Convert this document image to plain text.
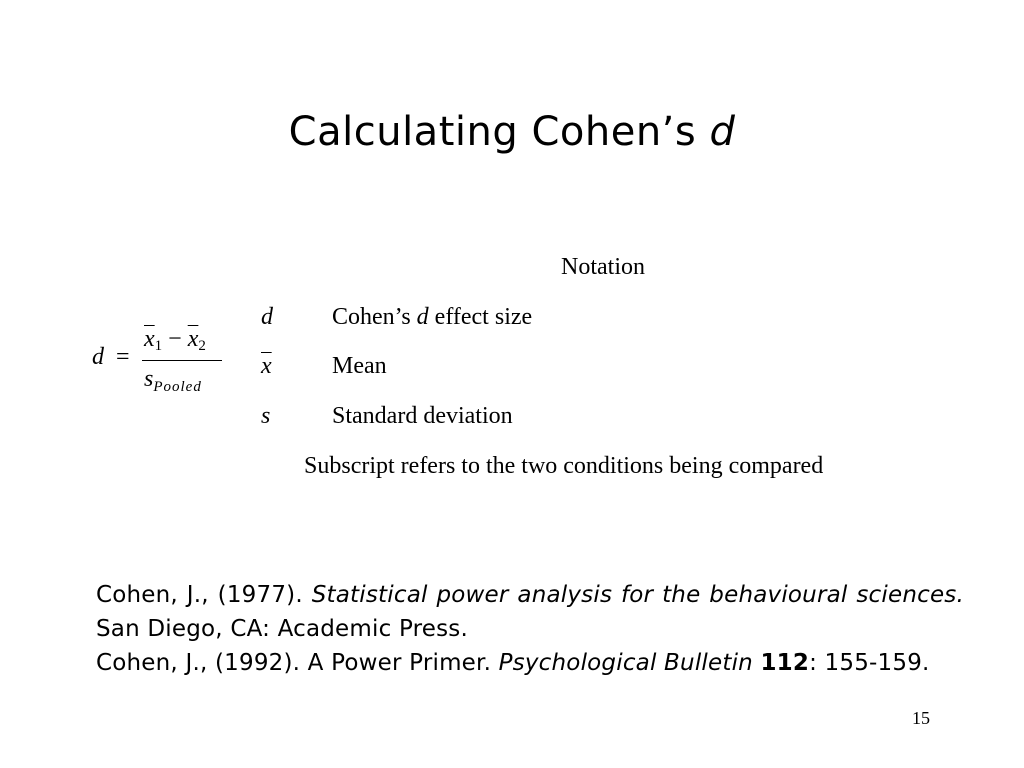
Calculating Cohen’s d
d =
$\overline{x}_1 - \overline{x}_2$
$s_{Pooled}$
Notation
d Cohen’s d effect size
$\overline{x}$	Mean
s	Standard deviation
Subscript refers to the two conditions being compared
Cohen, J., (1977). Statistical power analysis for the behavioural sciences. San Diego, CA: Academic Press.
Cohen, J., (1992). A Power Primer. Psychological Bulletin 112: 155-159.
15
